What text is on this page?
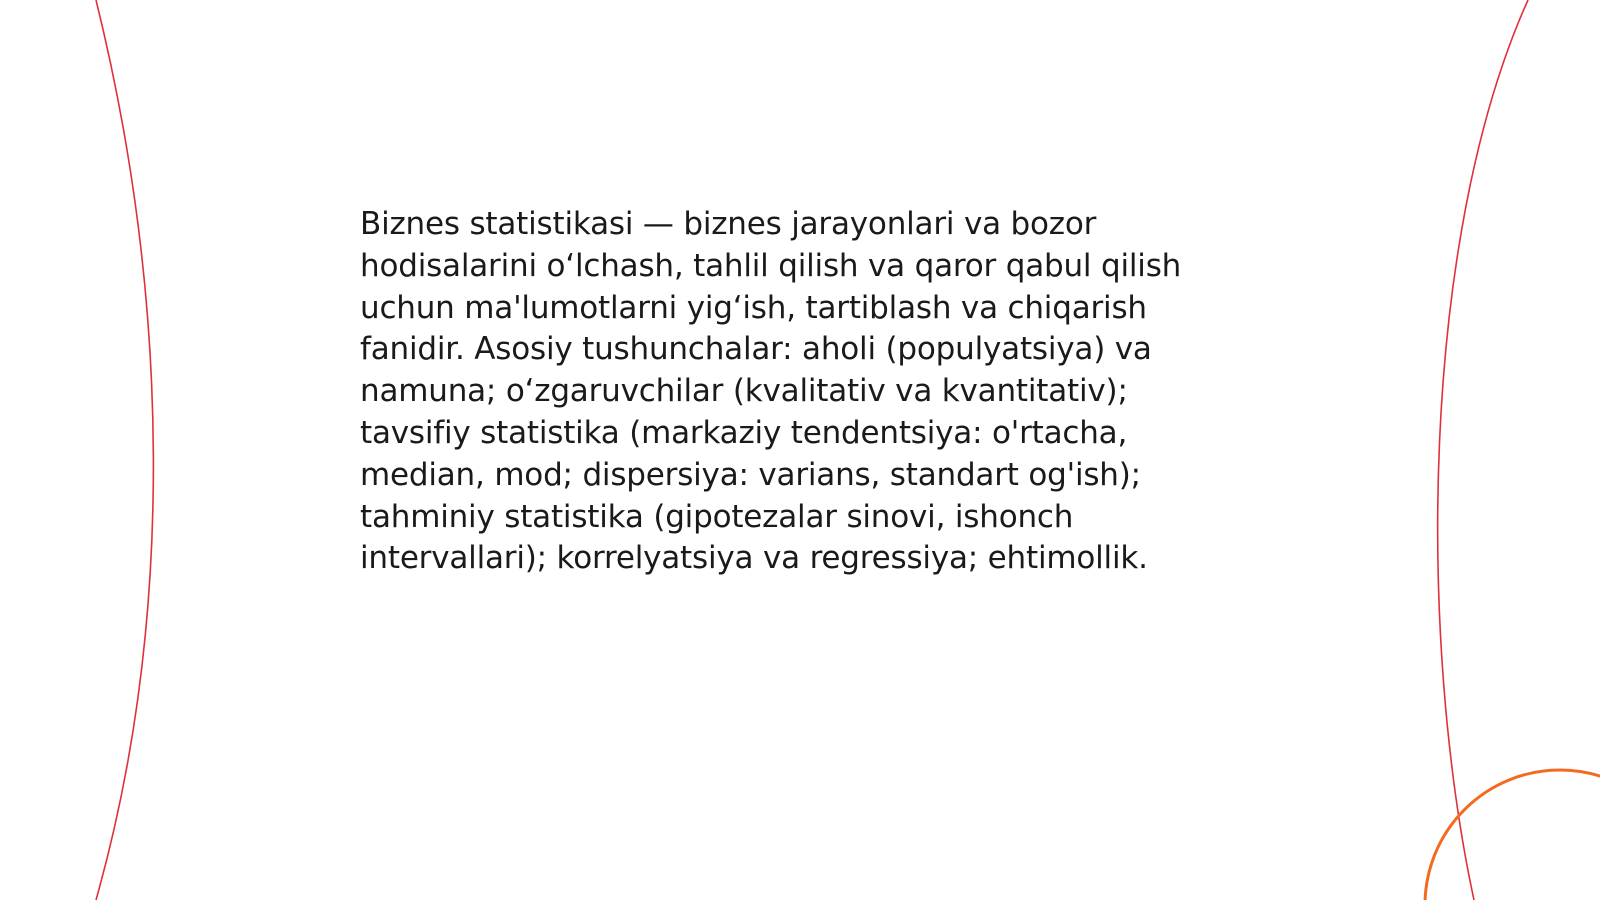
Biznes statistikasi — biznes jarayonlari va bozor hodisalarini o‘lchash, tahlil qilish va qaror qabul qilish uchun ma'lumotlarni yig‘ish, tartiblash va chiqarish fanidir. Asosiy tushunchalar: aholi (populyatsiya) va namuna; o‘zgaruvchilar (kvalitativ va kvantitativ); tavsifiy statistika (markaziy tendentsiya: o'rtacha, median, mod; dispersiya: varians, standart og'ish); tahminiy statistika (gipotezalar sinovi, ishonch intervallari); korrelyatsiya va regressiya; ehtimollik.
